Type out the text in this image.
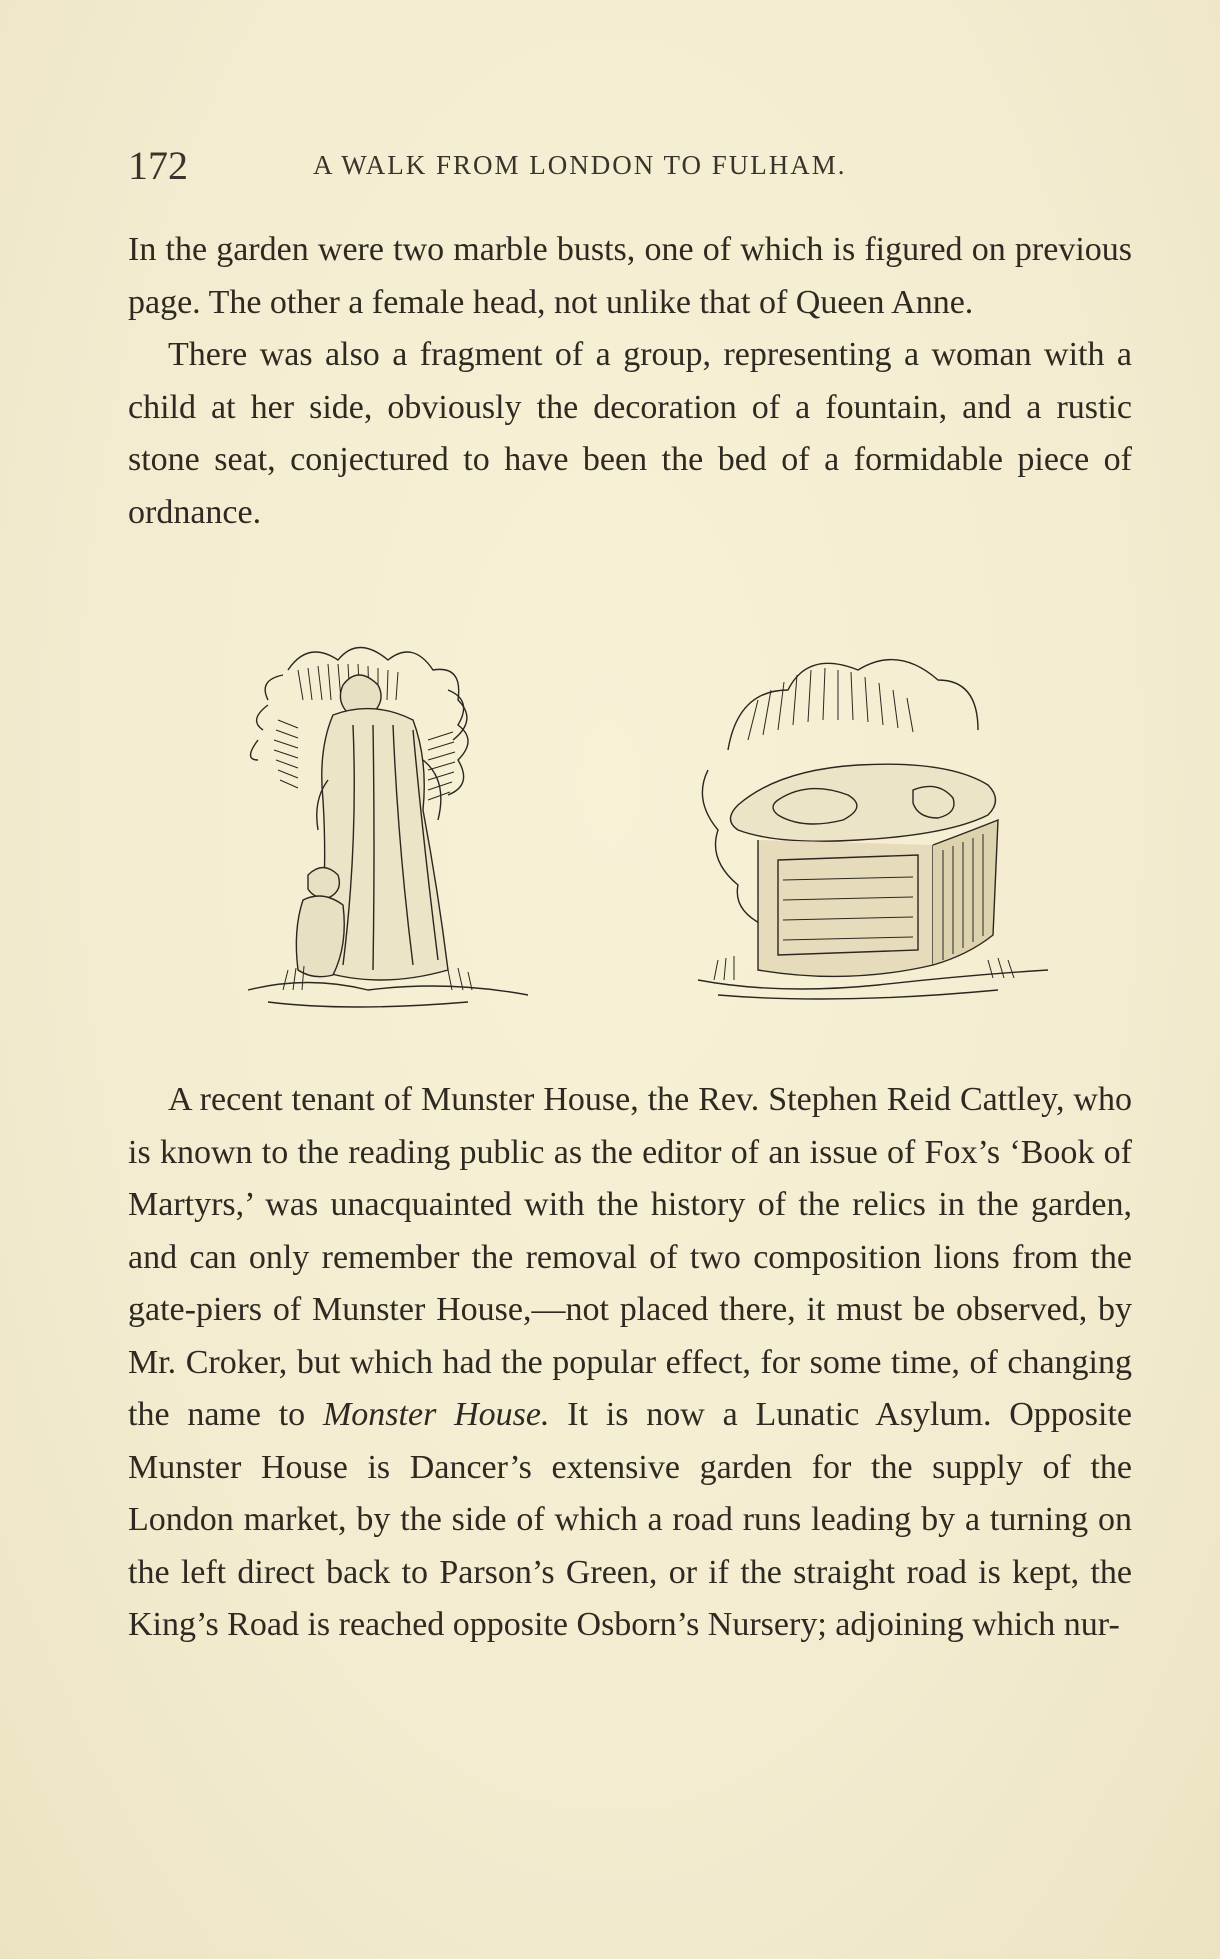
172	A WALK FROM LONDON TO FULHAM.

In the garden were two marble busts, one of which is figured on previous page. The other a female head, not unlike that of Queen Anne.

There was also a fragment of a group, representing a woman with a child at her side, obviously the decoration of a fountain, and a rustic stone seat, conjectured to have been the bed of a formidable piece of ordnance.

A recent tenant of Munster House, the Rev. Stephen Reid Cattley, who is known to the reading public as the editor of an issue of Fox’s ‘Book of Martyrs,’ was unacquainted with the history of the relics in the garden, and can only remember the removal of two composition lions from the gate-piers of Munster House,—not placed there, it must be observed, by Mr. Croker, but which had the popular effect, for some time, of changing the name to Monster House. It is now a Lunatic Asylum. Opposite Munster House is Dancer’s extensive garden for the supply of the London market, by the side of which a road runs leading by a turning on the left direct back to Parson’s Green, or if the straight road is kept, the King’s Road is reached opposite Osborn’s Nursery; adjoining which nur-
